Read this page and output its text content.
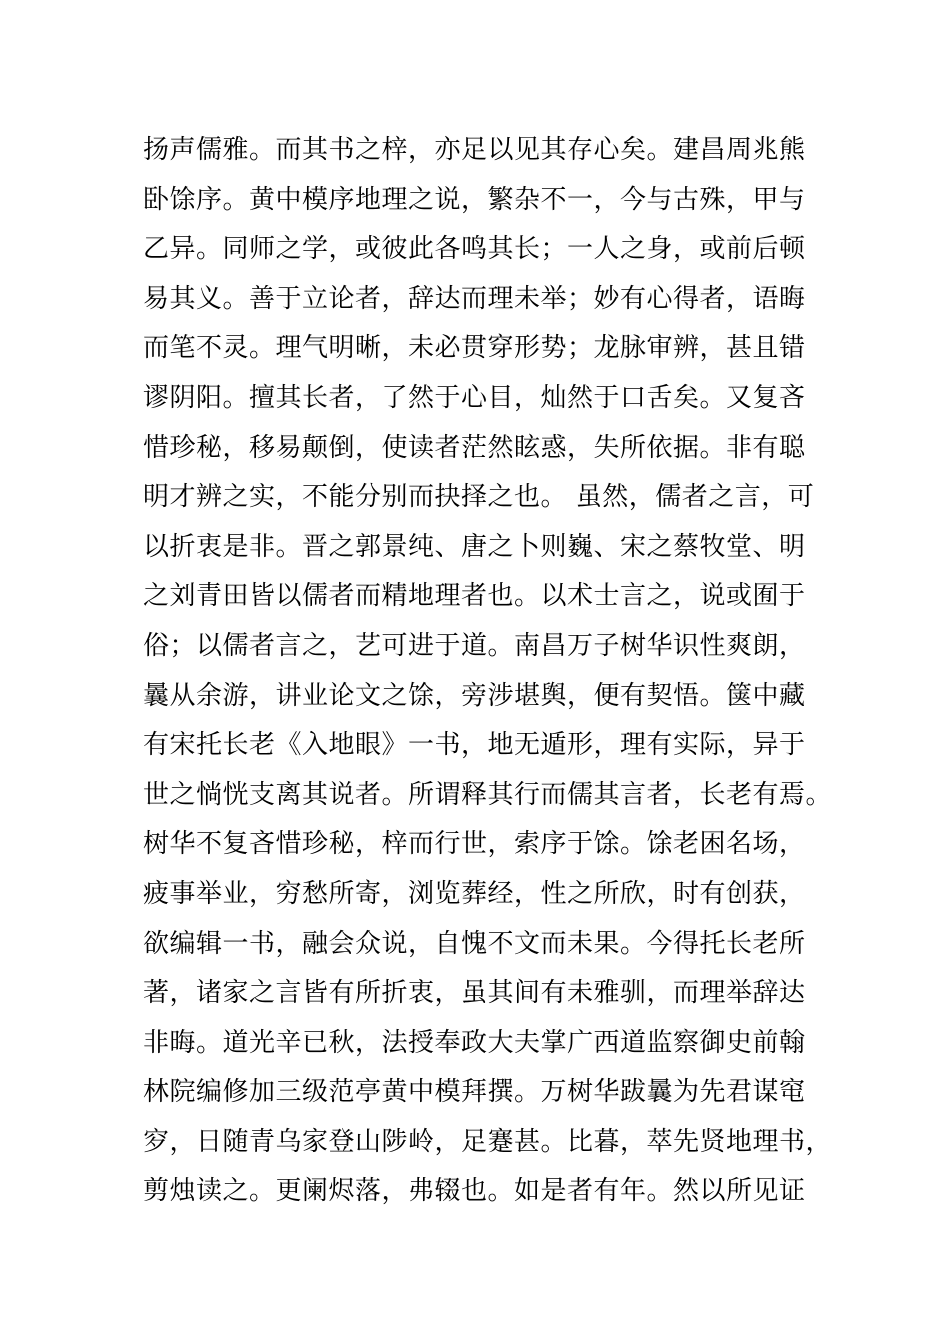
扬声儒雅。而其书之梓，亦足以见其存心矣。建昌周兆熊
卧馀序。黄中模序地理之说，繁杂不一，今与古殊，甲与
乙异。同师之学，或彼此各鸣其长；一人之身，或前后顿
易其义。善于立论者，辞达而理未举；妙有心得者，语晦
而笔不灵。理气明晰，未必贯穿形势；龙脉审辨，甚且错
谬阴阳。擅其长者，了然于心目，灿然于口舌矣。又复吝
惜珍秘，移易颠倒，使读者茫然眩惑，失所依据。非有聪
明才辨之实，不能分别而抉择之也。 虽然，儒者之言，可
以折衷是非。晋之郭景纯、唐之卜则巍、宋之蔡牧堂、明
之刘青田皆以儒者而精地理者也。以术士言之，说或囿于
俗；以儒者言之，艺可进于道。南昌万子树华识性爽朗，
曩从余游，讲业论文之馀，旁涉堪舆，便有契悟。箧中藏
有宋托长老《入地眼》一书，地无遁形，理有实际，异于
世之惝恍支离其说者。所谓释其行而儒其言者，长老有焉。
树华不复吝惜珍秘，梓而行世，索序于馀。馀老困名场，
疲事举业，穷愁所寄，浏览葬经，性之所欣，时有创获，
欲编辑一书，融会众说，自愧不文而未果。今得托长老所
著，诸家之言皆有所折衷，虽其间有未雅驯，而理举辞达
非晦。道光辛已秋，法授奉政大夫掌广西道监察御史前翰
林院编修加三级范亭黄中模拜撰。万树华跋曩为先君谋窀
穸，日随青乌家登山陟岭，足蹇甚。比暮，萃先贤地理书，
剪烛读之。更阑烬落，弗辍也。如是者有年。然以所见证
